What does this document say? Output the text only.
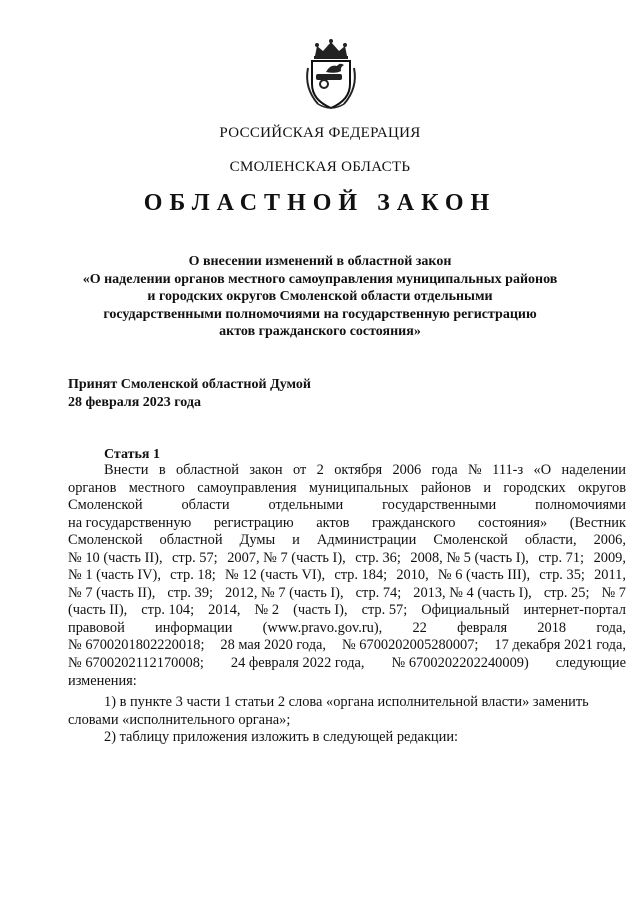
РОССИЙСКАЯ ФЕДЕРАЦИЯ
СМОЛЕНСКАЯ ОБЛАСТЬ
ОБЛАСТНОЙ ЗАКОН
О внесении изменений в областной закон
«О наделении органов местного самоуправления муниципальных районов
и городских округов Смоленской области отдельными
государственными полномочиями на государственную регистрацию
актов гражданского состояния»
Принят Смоленской областной Думой
28 февраля 2023 года
Статья 1
Внести в областной закон от 2 октября 2006 года № 111-з «О наделении
органов местного самоуправления муниципальных районов и городских округов
Смоленской	области	отдельными	государственными	полномочиями
на государственную регистрацию актов гражданского состояния» (Вестник
Смоленской областной Думы и Администрации Смоленской области, 2006,
№ 10 (часть II), стр. 57; 2007, № 7 (часть I), стр. 36; 2008, № 5 (часть I), стр. 71; 2009,
№ 1 (часть IV), стр. 18; № 12 (часть VI), стр. 184; 2010, № 6 (часть III), стр. 35; 2011,
№ 7 (часть II), стр. 39; 2012, № 7 (часть I), стр. 74; 2013, № 4 (часть I), стр. 25; № 7
(часть II), стр. 104; 2014, № 2 (часть I), стр. 57; Официальный интернет-портал
правовой информации (www.pravo.gov.ru), 22 февраля 2018 года,
№ 6700201802220018; 28 мая 2020 года, № 6700202005280007; 17 декабря 2021 года,
№ 6700202112170008; 24 февраля 2022 года, № 6700202202240009) следующие
изменения:
1) в пункте 3 части 1 статьи 2 слова «органа исполнительной власти» заменить
словами «исполнительного органа»;
2) таблицу приложения изложить в следующей редакции:
